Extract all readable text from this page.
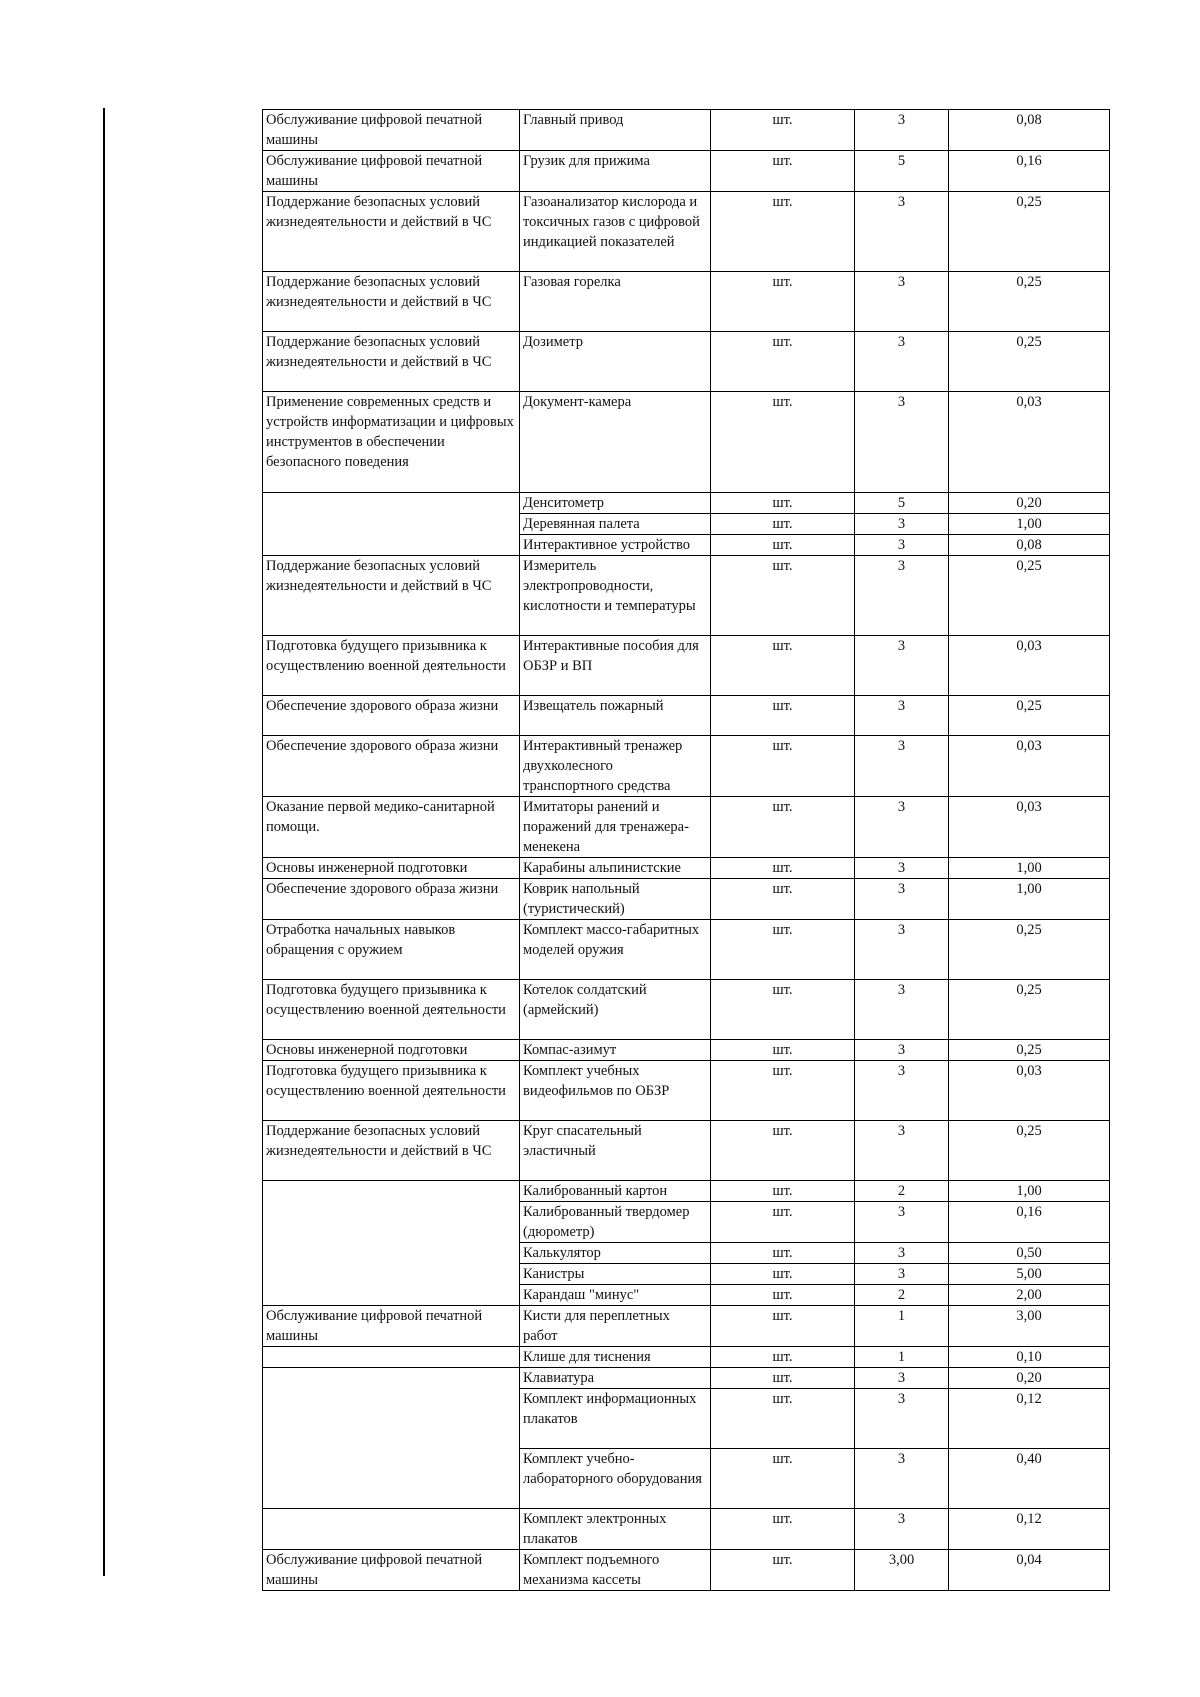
Обслуживание цифровой печатной машины	Главный привод	шт.	3	0,08
Обслуживание цифровой печатной машины	Грузик для прижима	шт.	5	0,16
Поддержание безопасных условий жизнедеятельности и действий в ЧС	Газоанализатор кислорода и токсичных газов с цифровой индикацией показателей	шт.	3	0,25
Поддержание безопасных условий жизнедеятельности и действий в ЧС	Газовая горелка	шт.	3	0,25
Поддержание безопасных условий жизнедеятельности и действий в ЧС	Дозиметр	шт.	3	0,25
Применение современных средств и устройств информатизации и цифровых инструментов в обеспечении безопасного поведения	Документ-камера	шт.	3	0,03
	Денситометр	шт.	5	0,20
	Деревянная палета	шт.	3	1,00
	Интерактивное устройство	шт.	3	0,08
Поддержание безопасных условий жизнедеятельности и действий в ЧС	Измеритель электропроводности, кислотности и температуры	шт.	3	0,25
Подготовка будущего призывника к осуществлению военной деятельности	Интерактивные пособия для ОБЗР и ВП	шт.	3	0,03
Обеспечение здорового образа жизни	Извещатель пожарный	шт.	3	0,25
Обеспечение здорового образа жизни	Интерактивный тренажер двухколесного транспортного средства	шт.	3	0,03
Оказание первой медико-санитарной помощи.	Имитаторы ранений и поражений для тренажера-менекена	шт.	3	0,03
Основы инженерной подготовки	Карабины альпинистские	шт.	3	1,00
Обеспечение здорового образа жизни	Коврик напольный (туристический)	шт.	3	1,00
Отработка начальных навыков обращения с оружием	Комплект массо-габаритных моделей оружия	шт.	3	0,25
Подготовка будущего призывника к осуществлению военной деятельности	Котелок солдатский (армейский)	шт.	3	0,25
Основы инженерной подготовки	Компас-азимут	шт.	3	0,25
Подготовка будущего призывника к осуществлению военной деятельности	Комплект учебных видеофильмов по ОБЗР	шт.	3	0,03
Поддержание безопасных условий жизнедеятельности и действий в ЧС	Круг спасательный эластичный	шт.	3	0,25
	Калиброванный картон	шт.	2	1,00
	Калиброванный твердомер (дюрометр)	шт.	3	0,16
	Калькулятор	шт.	3	0,50
	Канистры	шт.	3	5,00
	Карандаш "минус"	шт.	2	2,00
Обслуживание цифровой печатной машины	Кисти для переплетных работ	шт.	1	3,00
	Клише для тиснения	шт.	1	0,10
	Клавиатура	шт.	3	0,20
	Комплект информационных плакатов	шт.	3	0,12
	Комплект учебно-лабораторного оборудования	шт.	3	0,40
	Комплект электронных плакатов	шт.	3	0,12
Обслуживание цифровой печатной машины	Комплект подъемного механизма кассеты	шт.	3,00	0,04
